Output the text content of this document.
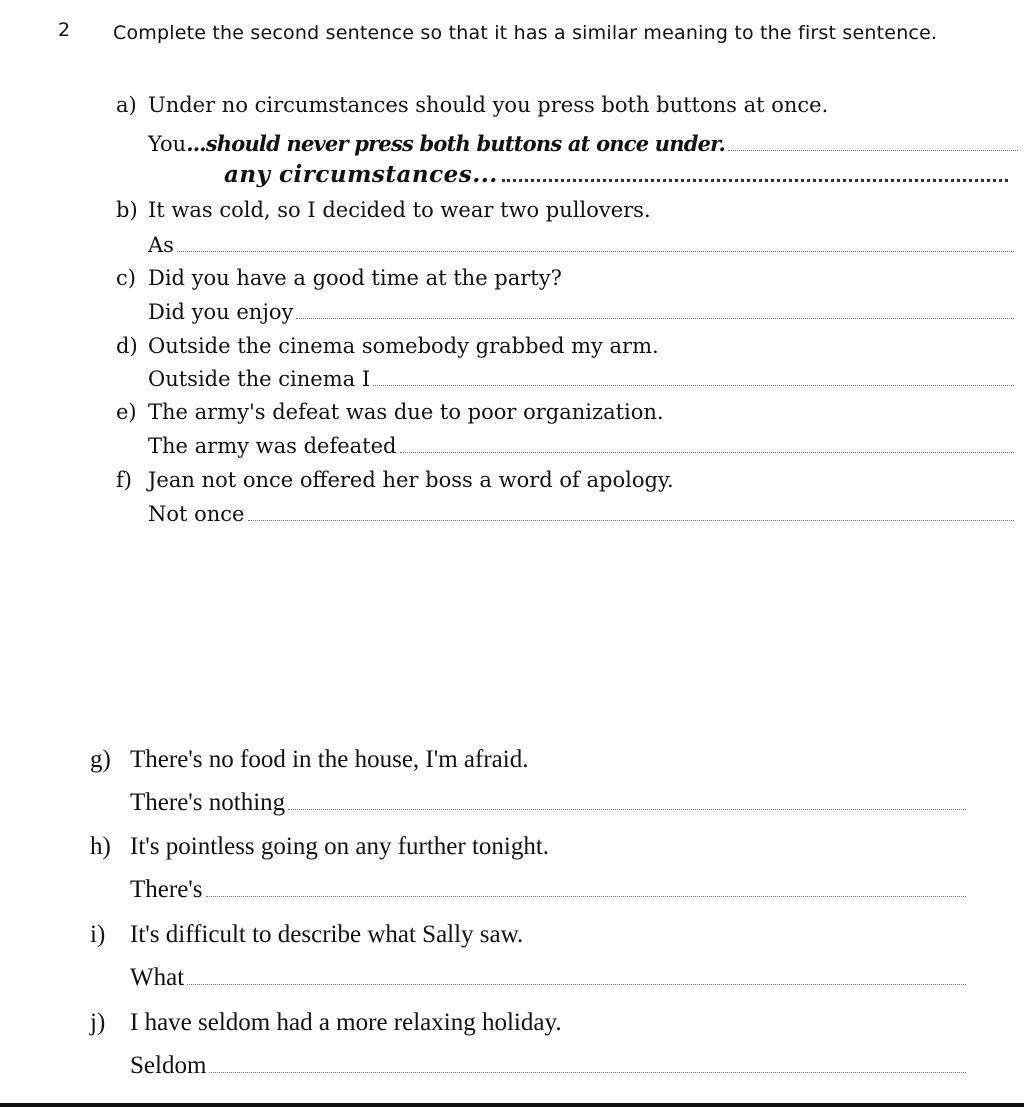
2 Complete the second sentence so that it has a similar meaning to the first sentence.
a) Under no circumstances should you press both buttons at once.
You ...should never press both buttons at once under.
any circumstances...
b) It was cold, so I decided to wear two pullovers.
As
c) Did you have a good time at the party?
Did you enjoy
d) Outside the cinema somebody grabbed my arm.
Outside the cinema I
e) The army's defeat was due to poor organization.
The army was defeated
f) Jean not once offered her boss a word of apology.
Not once
g) There's no food in the house, I'm afraid.
There's nothing
h) It's pointless going on any further tonight.
There's
i) It's difficult to describe what Sally saw.
What
j) I have seldom had a more relaxing holiday.
Seldom
